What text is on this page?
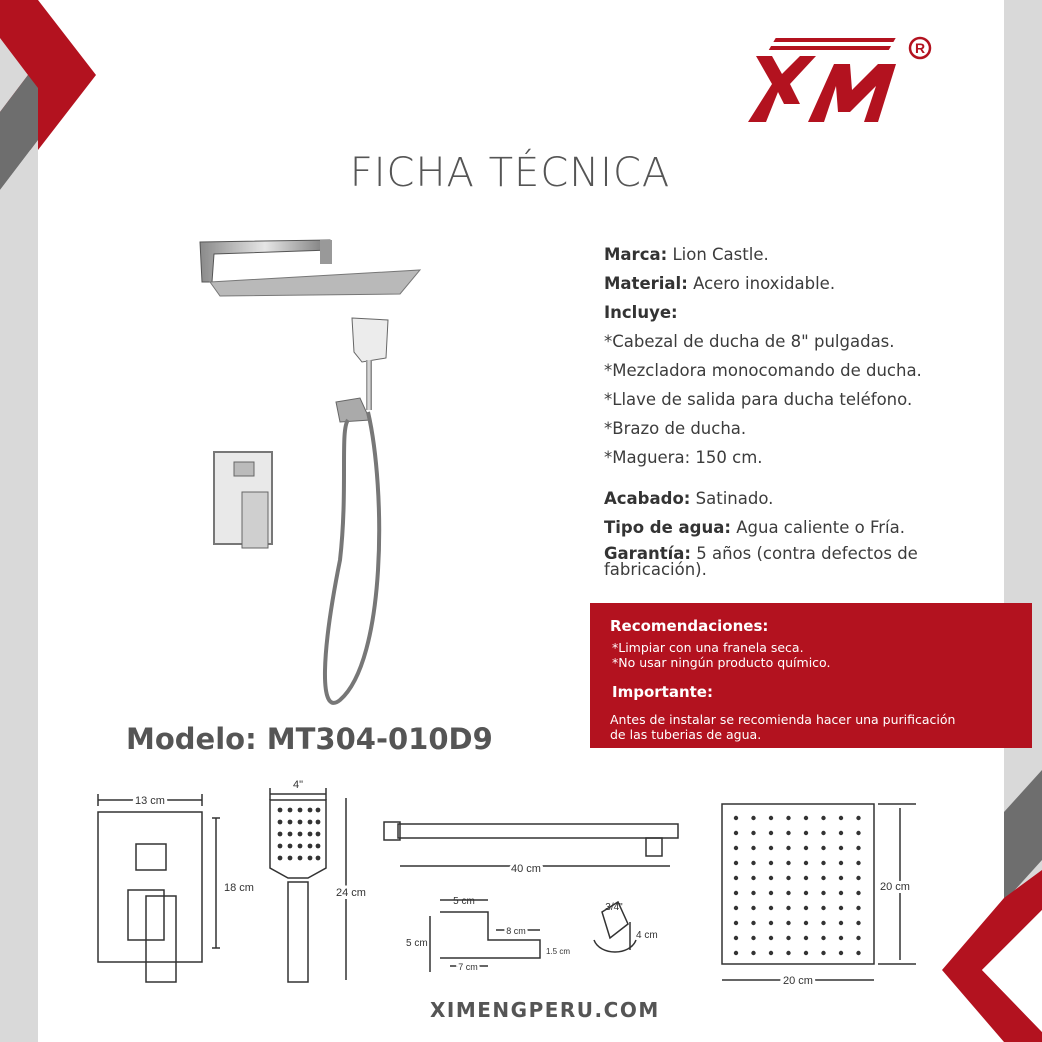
R
FICHA TÉCNICA
Marca: Lion Castle.
Material: Acero inoxidable.
Incluye:
*Cabezal de ducha de 8" pulgadas.
*Mezcladora monocomando de ducha.
*Llave de salida para ducha teléfono.
*Brazo de ducha.
*Maguera: 150 cm.
Acabado: Satinado.
Tipo de agua: Agua caliente o Fría.
Garantía: 5 años (contra defectos de fabricación).
Recomendaciones:
*Limpiar con una franela seca.
*No usar ningún producto químico.
Importante:
Antes de instalar se recomienda hacer una purificación
de las tuberias de agua.
Modelo: MT304-010D9
13 cm
18 cm
4"
24 cm
40 cm
5 cm
5 cm
8 cm
7 cm
1.5 cm
3/4"
4 cm
20 cm
20 cm
XIMENGPERU.COM
